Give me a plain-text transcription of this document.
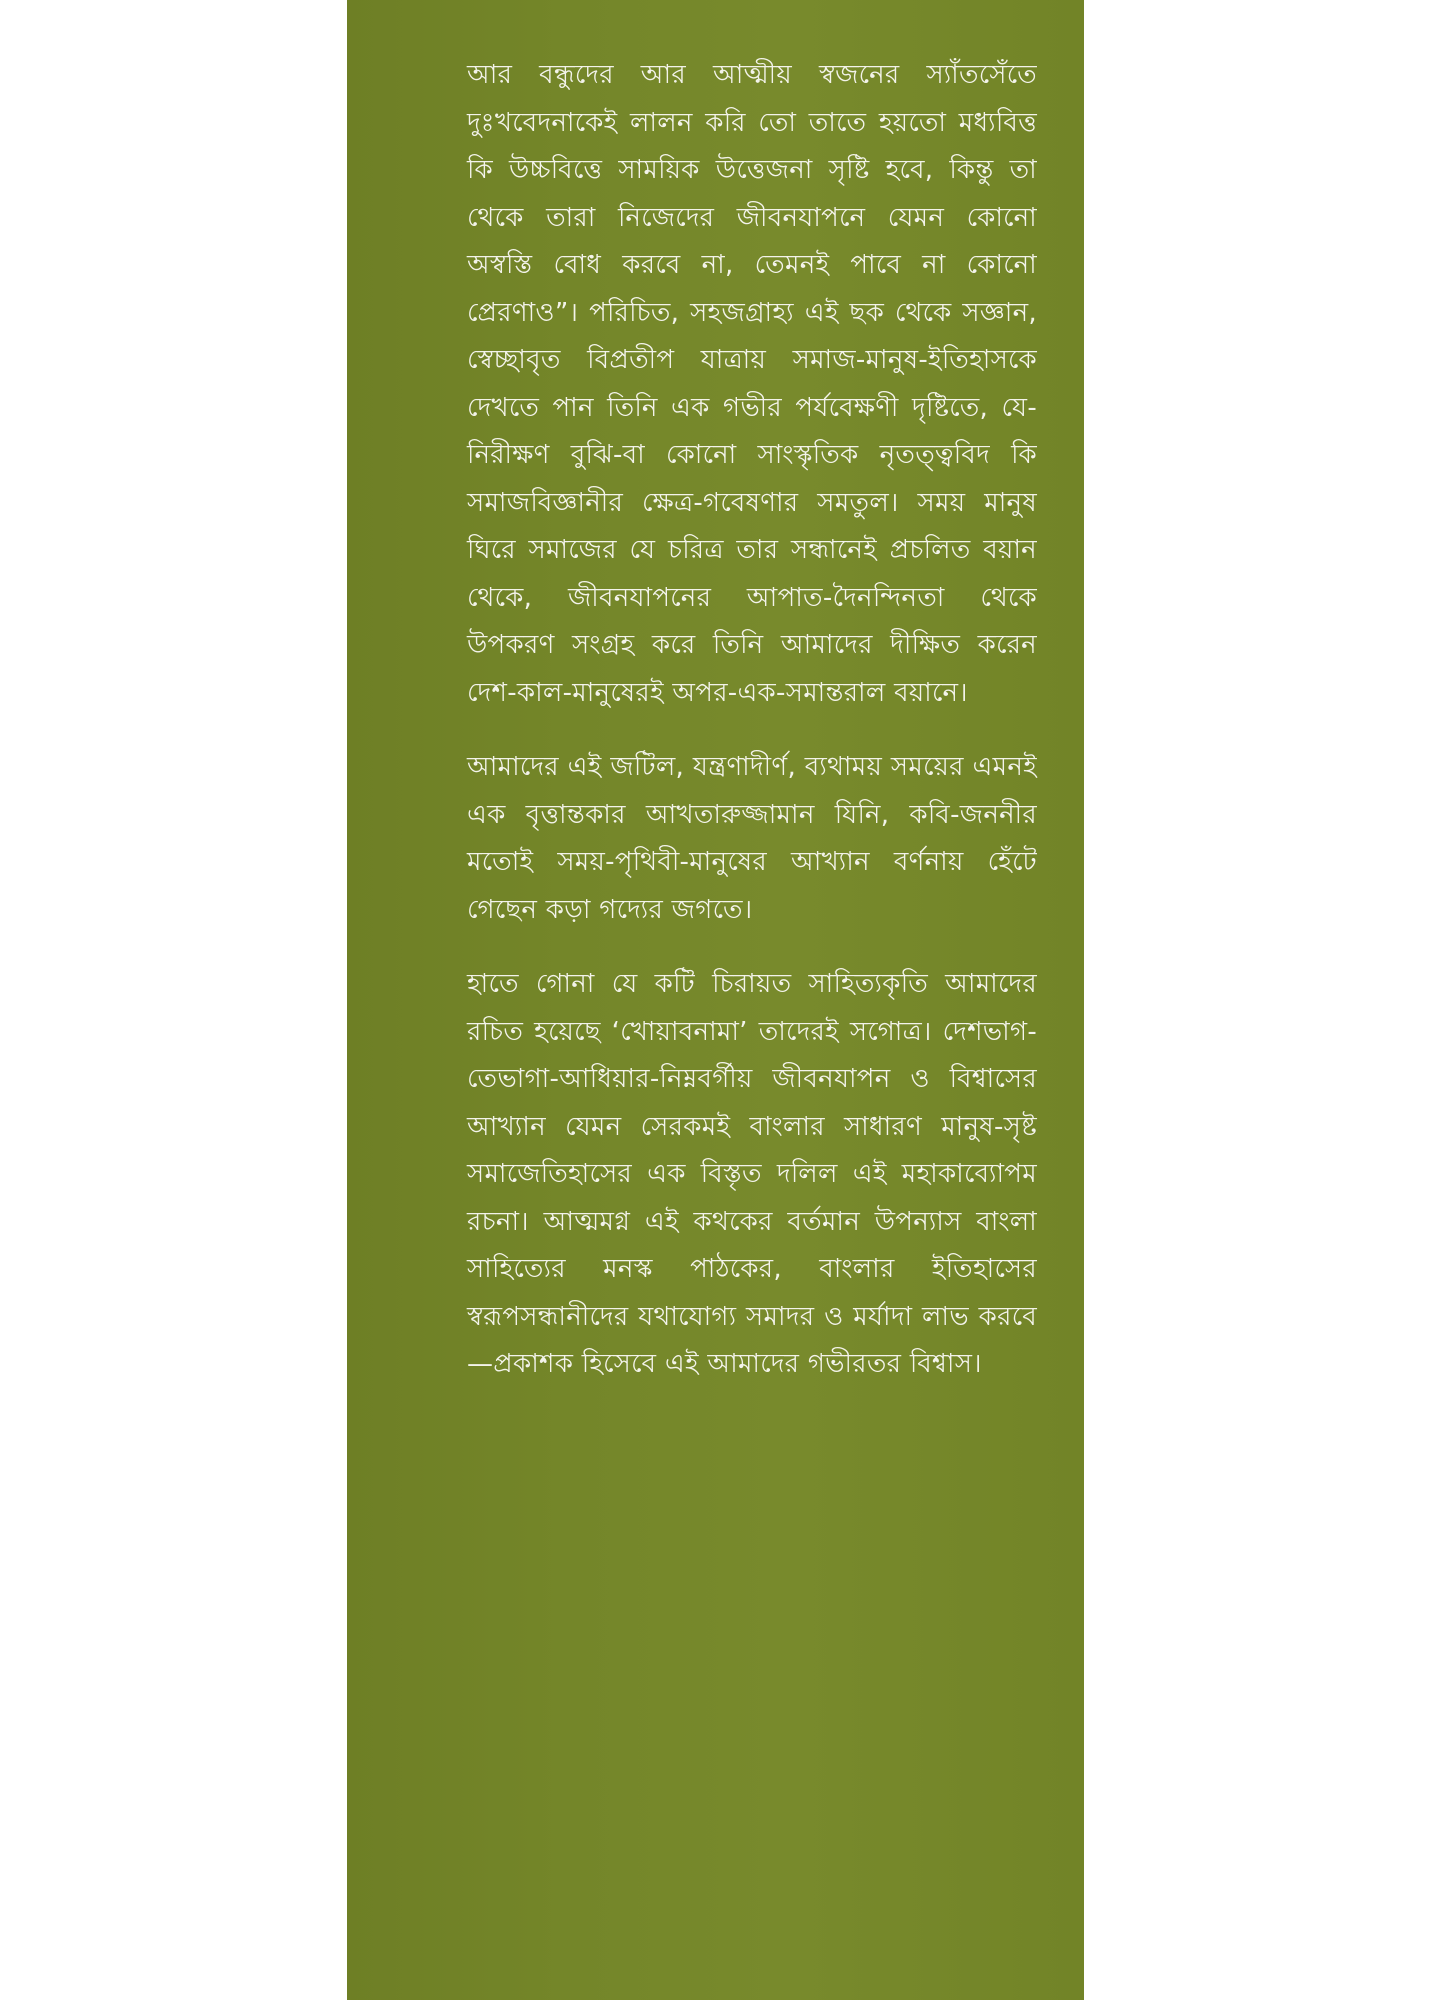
আর বন্ধুদের আর আত্মীয় স্বজনের স্যাঁতসেঁতে দুঃখবেদনাকেই লালন করি তো তাতে হয়তো মধ্যবিত্ত কি উচ্চবিত্তে সাময়িক উত্তেজনা সৃষ্টি হবে, কিন্তু তা থেকে তারা নিজেদের জীবনযাপনে যেমন কোনো অস্বস্তি বোধ করবে না, তেমনই পাবে না কোনো প্রেরণাও”। পরিচিত, সহজগ্রাহ্য এই ছক থেকে সজ্ঞান, স্বেচ্ছাবৃত বিপ্রতীপ যাত্রায় সমাজ-মানুষ-ইতিহাসকে দেখতে পান তিনি এক গভীর পর্যবেক্ষণী দৃষ্টিতে, যে-নিরীক্ষণ বুঝি-বা কোনো সাংস্কৃতিক নৃতত্ত্ববিদ কি সমাজবিজ্ঞানীর ক্ষেত্র-গবেষণার সমতুল। সময় মানুষ ঘিরে সমাজের যে চরিত্র তার সন্ধানেই প্রচলিত বয়ান থেকে, জীবনযাপনের আপাত-দৈনন্দিনতা থেকে উপকরণ সংগ্রহ করে তিনি আমাদের দীক্ষিত করেন দেশ-কাল-মানুষেরই অপর-এক-সমান্তরাল বয়ানে।

আমাদের এই জটিল, যন্ত্রণাদীর্ণ, ব্যথাময় সময়ের এমনই এক বৃত্তান্তকার আখতারুজ্জামান যিনি, কবি-জননীর মতোই সময়-পৃথিবী-মানুষের আখ্যান বর্ণনায় হেঁটে গেছেন কড়া গদ্যের জগতে।

হাতে গোনা যে কটি চিরায়ত সাহিত্যকৃতি আমাদের রচিত হয়েছে ‘খোয়াবনামা’ তাদেরই সগোত্র। দেশভাগ-তেভাগা-আধিয়ার-নিম্নবর্গীয় জীবনযাপন ও বিশ্বাসের আখ্যান যেমন সেরকমই বাংলার সাধারণ মানুষ-সৃষ্ট সমাজেতিহাসের এক বিস্তৃত দলিল এই মহাকাব্যোপম রচনা। আত্মমগ্ন এই কথকের বর্তমান উপন্যাস বাংলা সাহিত্যের মনস্ক পাঠকের, বাংলার ইতিহাসের স্বরূপসন্ধানীদের যথাযোগ্য সমাদর ও মর্যাদা লাভ করবে—প্রকাশক হিসেবে এই আমাদের গভীরতর বিশ্বাস।
